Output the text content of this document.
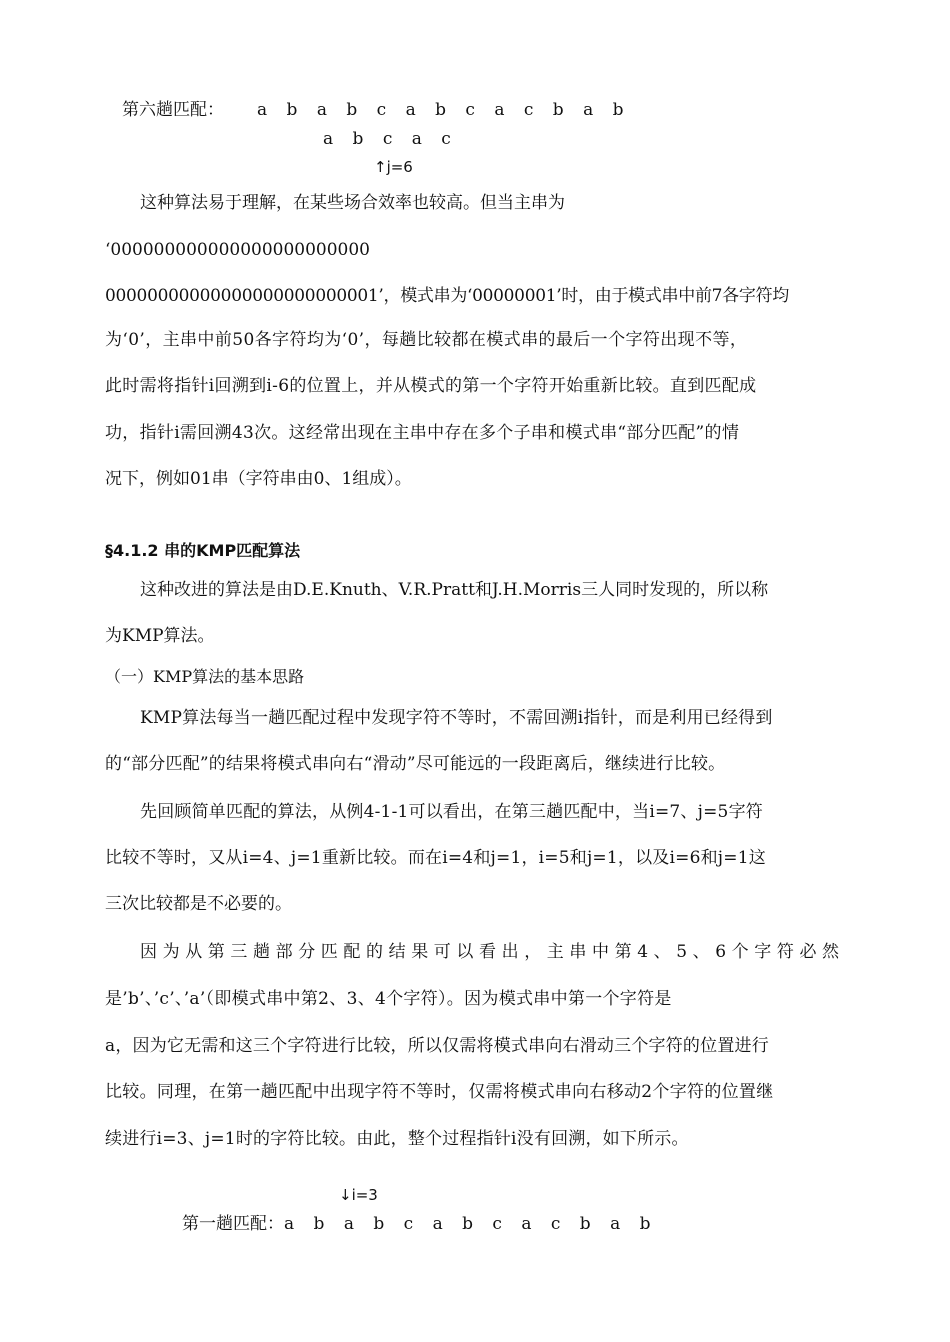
第六趟匹配： a b a b c a b c a c b a b
a b c a c
↑j=6
这种算法易于理解，在某些场合效率也较高。但当主串为
‘000000000000000000000000
00000000000000000000000001’，模式串为‘00000001’时，由于模式串中前7各字符均
为‘0’，主串中前50各字符均为‘0’，每趟比较都在模式串的最后一个字符出现不等，
此时需将指针i回溯到i-6的位置上，并从模式的第一个字符开始重新比较。直到匹配成
功，指针i需回溯43次。这经常出现在主串中存在多个子串和模式串“部分匹配”的情
况下，例如01串（字符串由0、1组成）。
§4.1.2 串的KMP匹配算法
这种改进的算法是由D.E.Knuth、V.R.Pratt和J.H.Morris三人同时发现的，所以称
为KMP算法。
（一）KMP算法的基本思路
KMP算法每当一趟匹配过程中发现字符不等时，不需回溯i指针，而是利用已经得到
的“部分匹配”的结果将模式串向右“滑动”尽可能远的一段距离后，继续进行比较。
先回顾简单匹配的算法，从例4-1-1可以看出，在第三趟匹配中，当i=7、j=5字符
比较不等时，又从i=4、j=1重新比较。而在i=4和j=1，i=5和j=1，以及i=6和j=1这
三次比较都是不必要的。
因为从第三趟部分匹配的结果可以看出，主串中第4、5、6个字符必然
是’b’、’c’、’a’（即模式串中第2、3、4个字符）。因为模式串中第一个字符是
a，因为它无需和这三个字符进行比较，所以仅需将模式串向右滑动三个字符的位置进行
比较。同理，在第一趟匹配中出现字符不等时，仅需将模式串向右移动2个字符的位置继
续进行i=3、j=1时的字符比较。由此，整个过程指针i没有回溯，如下所示。
↓i=3
第一趟匹配： a b a b c a b c a c b a b
